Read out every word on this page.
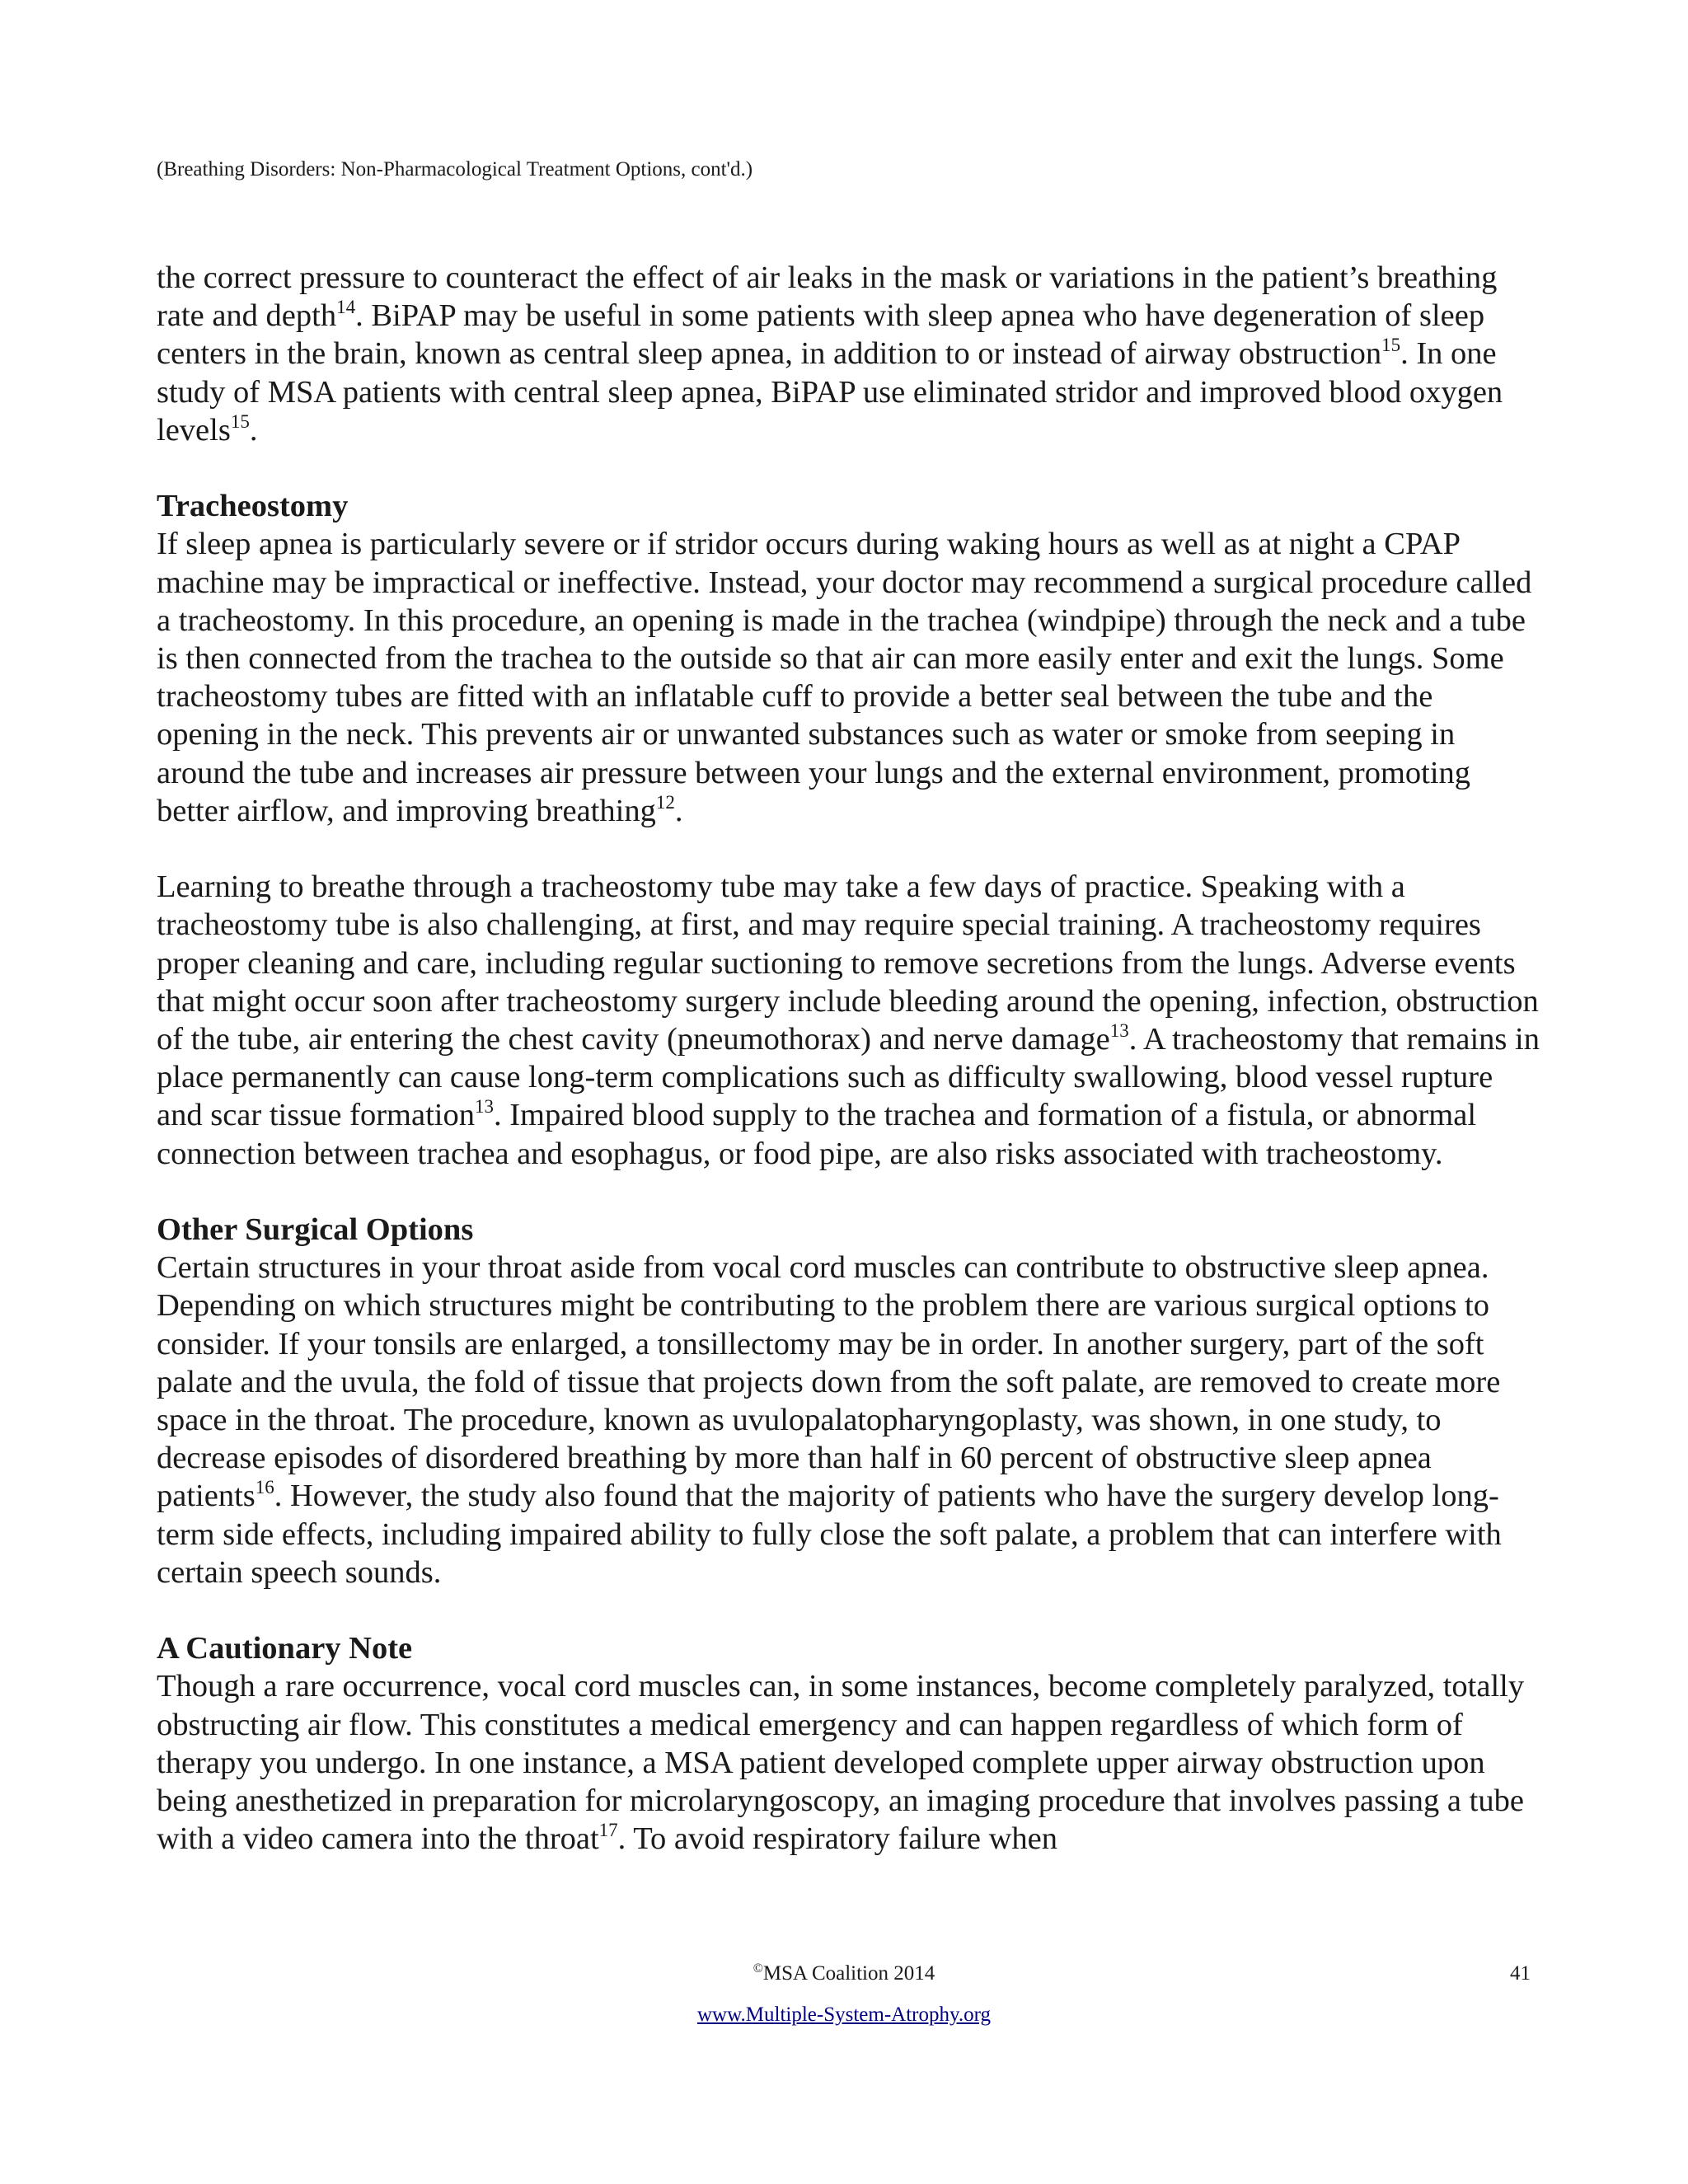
(Breathing Disorders: Non-Pharmacological Treatment Options, cont'd.)

the correct pressure to counteract the effect of air leaks in the mask or variations in the patient’s breathing rate and depth$^{14}$. BiPAP may be useful in some patients with sleep apnea who have degeneration of sleep centers in the brain, known as central sleep apnea, in addition to or instead of airway obstruction$^{15}$. In one study of MSA patients with central sleep apnea, BiPAP use eliminated stridor and improved blood oxygen levels$^{15}$.

Tracheostomy

If sleep apnea is particularly severe or if stridor occurs during waking hours as well as at night a CPAP machine may be impractical or ineffective. Instead, your doctor may recommend a surgical procedure called a tracheostomy. In this procedure, an opening is made in the trachea (windpipe) through the neck and a tube is then connected from the trachea to the outside so that air can more easily enter and exit the lungs. Some tracheostomy tubes are fitted with an inflatable cuff to provide a better seal between the tube and the opening in the neck. This prevents air or unwanted substances such as water or smoke from seeping in around the tube and increases air pressure between your lungs and the external environment, promoting better airflow, and improving breathing$^{12}$.

Learning to breathe through a tracheostomy tube may take a few days of practice. Speaking with a tracheostomy tube is also challenging, at first, and may require special training. A tracheostomy requires proper cleaning and care, including regular suctioning to remove secretions from the lungs. Adverse events that might occur soon after tracheostomy surgery include bleeding around the opening, infection, obstruction of the tube, air entering the chest cavity (pneumothorax) and nerve damage$^{13}$. A tracheostomy that remains in place permanently can cause long-term complications such as difficulty swallowing, blood vessel rupture and scar tissue formation$^{13}$. Impaired blood supply to the trachea and formation of a fistula, or abnormal connection between trachea and esophagus, or food pipe, are also risks associated with tracheostomy.

Other Surgical Options

Certain structures in your throat aside from vocal cord muscles can contribute to obstructive sleep apnea. Depending on which structures might be contributing to the problem there are various surgical options to consider. If your tonsils are enlarged, a tonsillectomy may be in order. In another surgery, part of the soft palate and the uvula, the fold of tissue that projects down from the soft palate, are removed to create more space in the throat. The procedure, known as uvulopalatopharyngoplasty, was shown, in one study, to decrease episodes of disordered breathing by more than half in 60 percent of obstructive sleep apnea patients$^{16}$. However, the study also found that the majority of patients who have the surgery develop long-term side effects, including impaired ability to fully close the soft palate, a problem that can interfere with certain speech sounds.

A Cautionary Note

Though a rare occurrence, vocal cord muscles can, in some instances, become completely paralyzed, totally obstructing air flow. This constitutes a medical emergency and can happen regardless of which form of therapy you undergo. In one instance, a MSA patient developed complete upper airway obstruction upon being anesthetized in preparation for microlaryngoscopy, an imaging procedure that involves passing a tube with a video camera into the throat$^{17}$. To avoid respiratory failure when

©MSA Coalition 2014	41
www.Multiple-System-Atrophy.org
